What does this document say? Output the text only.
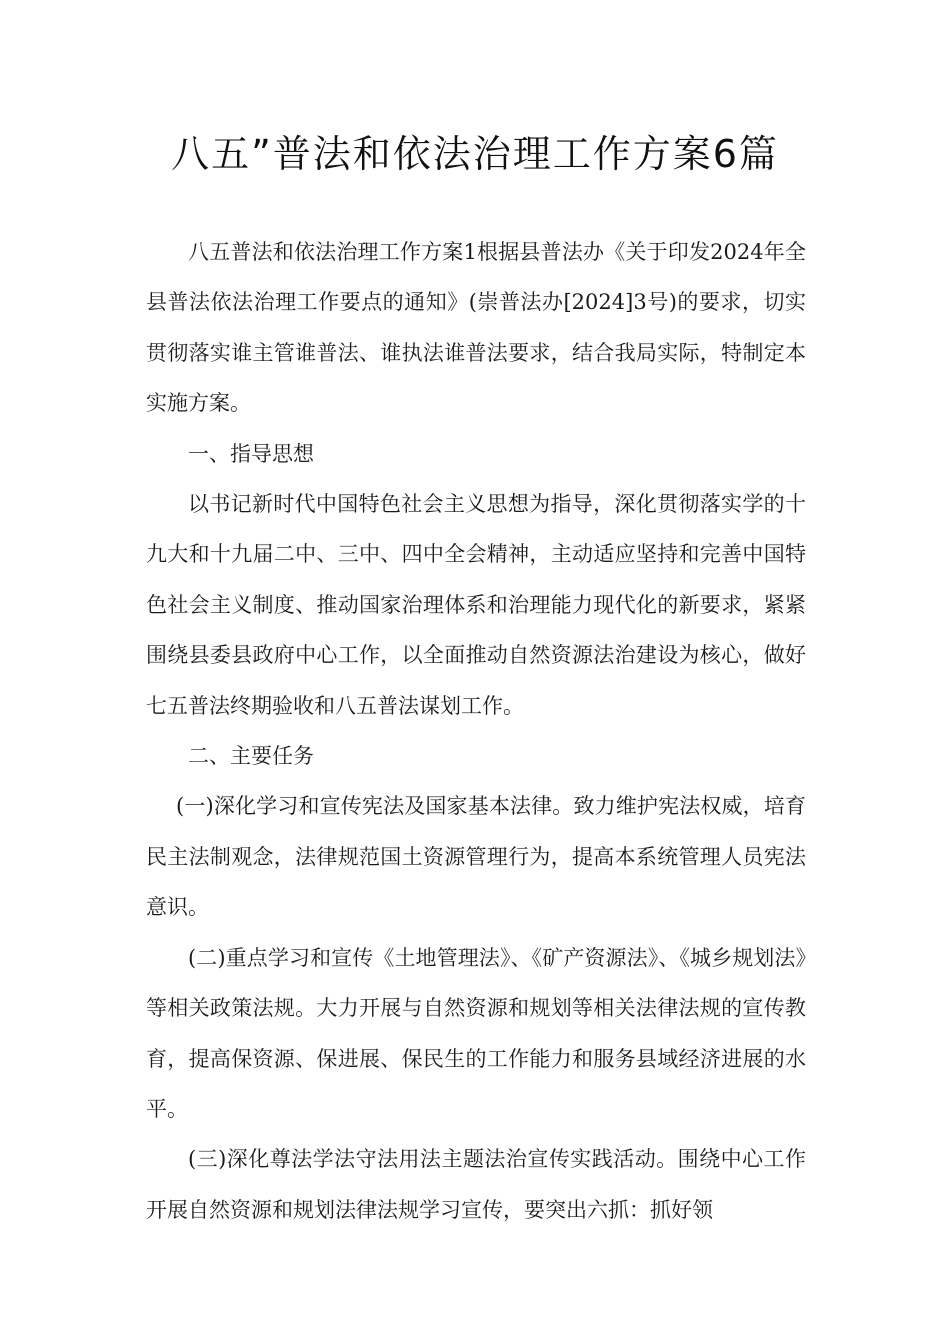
八五”普法和依法治理工作方案6篇

八五普法和依法治理工作方案1根据县普法办《关于印发2024年全县普法依法治理工作要点的通知》(崇普法办[2024]3号)的要求，切实贯彻落实谁主管谁普法、谁执法谁普法要求，结合我局实际，特制定本实施方案。

一、指导思想

以书记新时代中国特色社会主义思想为指导，深化贯彻落实学的十九大和十九届二中、三中、四中全会精神，主动适应坚持和完善中国特色社会主义制度、推动国家治理体系和治理能力现代化的新要求，紧紧围绕县委县政府中心工作，以全面推动自然资源法治建设为核心，做好七五普法终期验收和八五普法谋划工作。

二、主要任务

(一)深化学习和宣传宪法及国家基本法律。致力维护宪法权威，培育民主法制观念，法律规范国土资源管理行为，提高本系统管理人员宪法意识。

(二)重点学习和宣传《土地管理法》、《矿产资源法》、《城乡规划法》等相关政策法规。大力开展与自然资源和规划等相关法律法规的宣传教育，提高保资源、保进展、保民生的工作能力和服务县域经济进展的水平。

(三)深化尊法学法守法用法主题法治宣传实践活动。围绕中心工作开展自然资源和规划法律法规学习宣传，要突出六抓：抓好领
